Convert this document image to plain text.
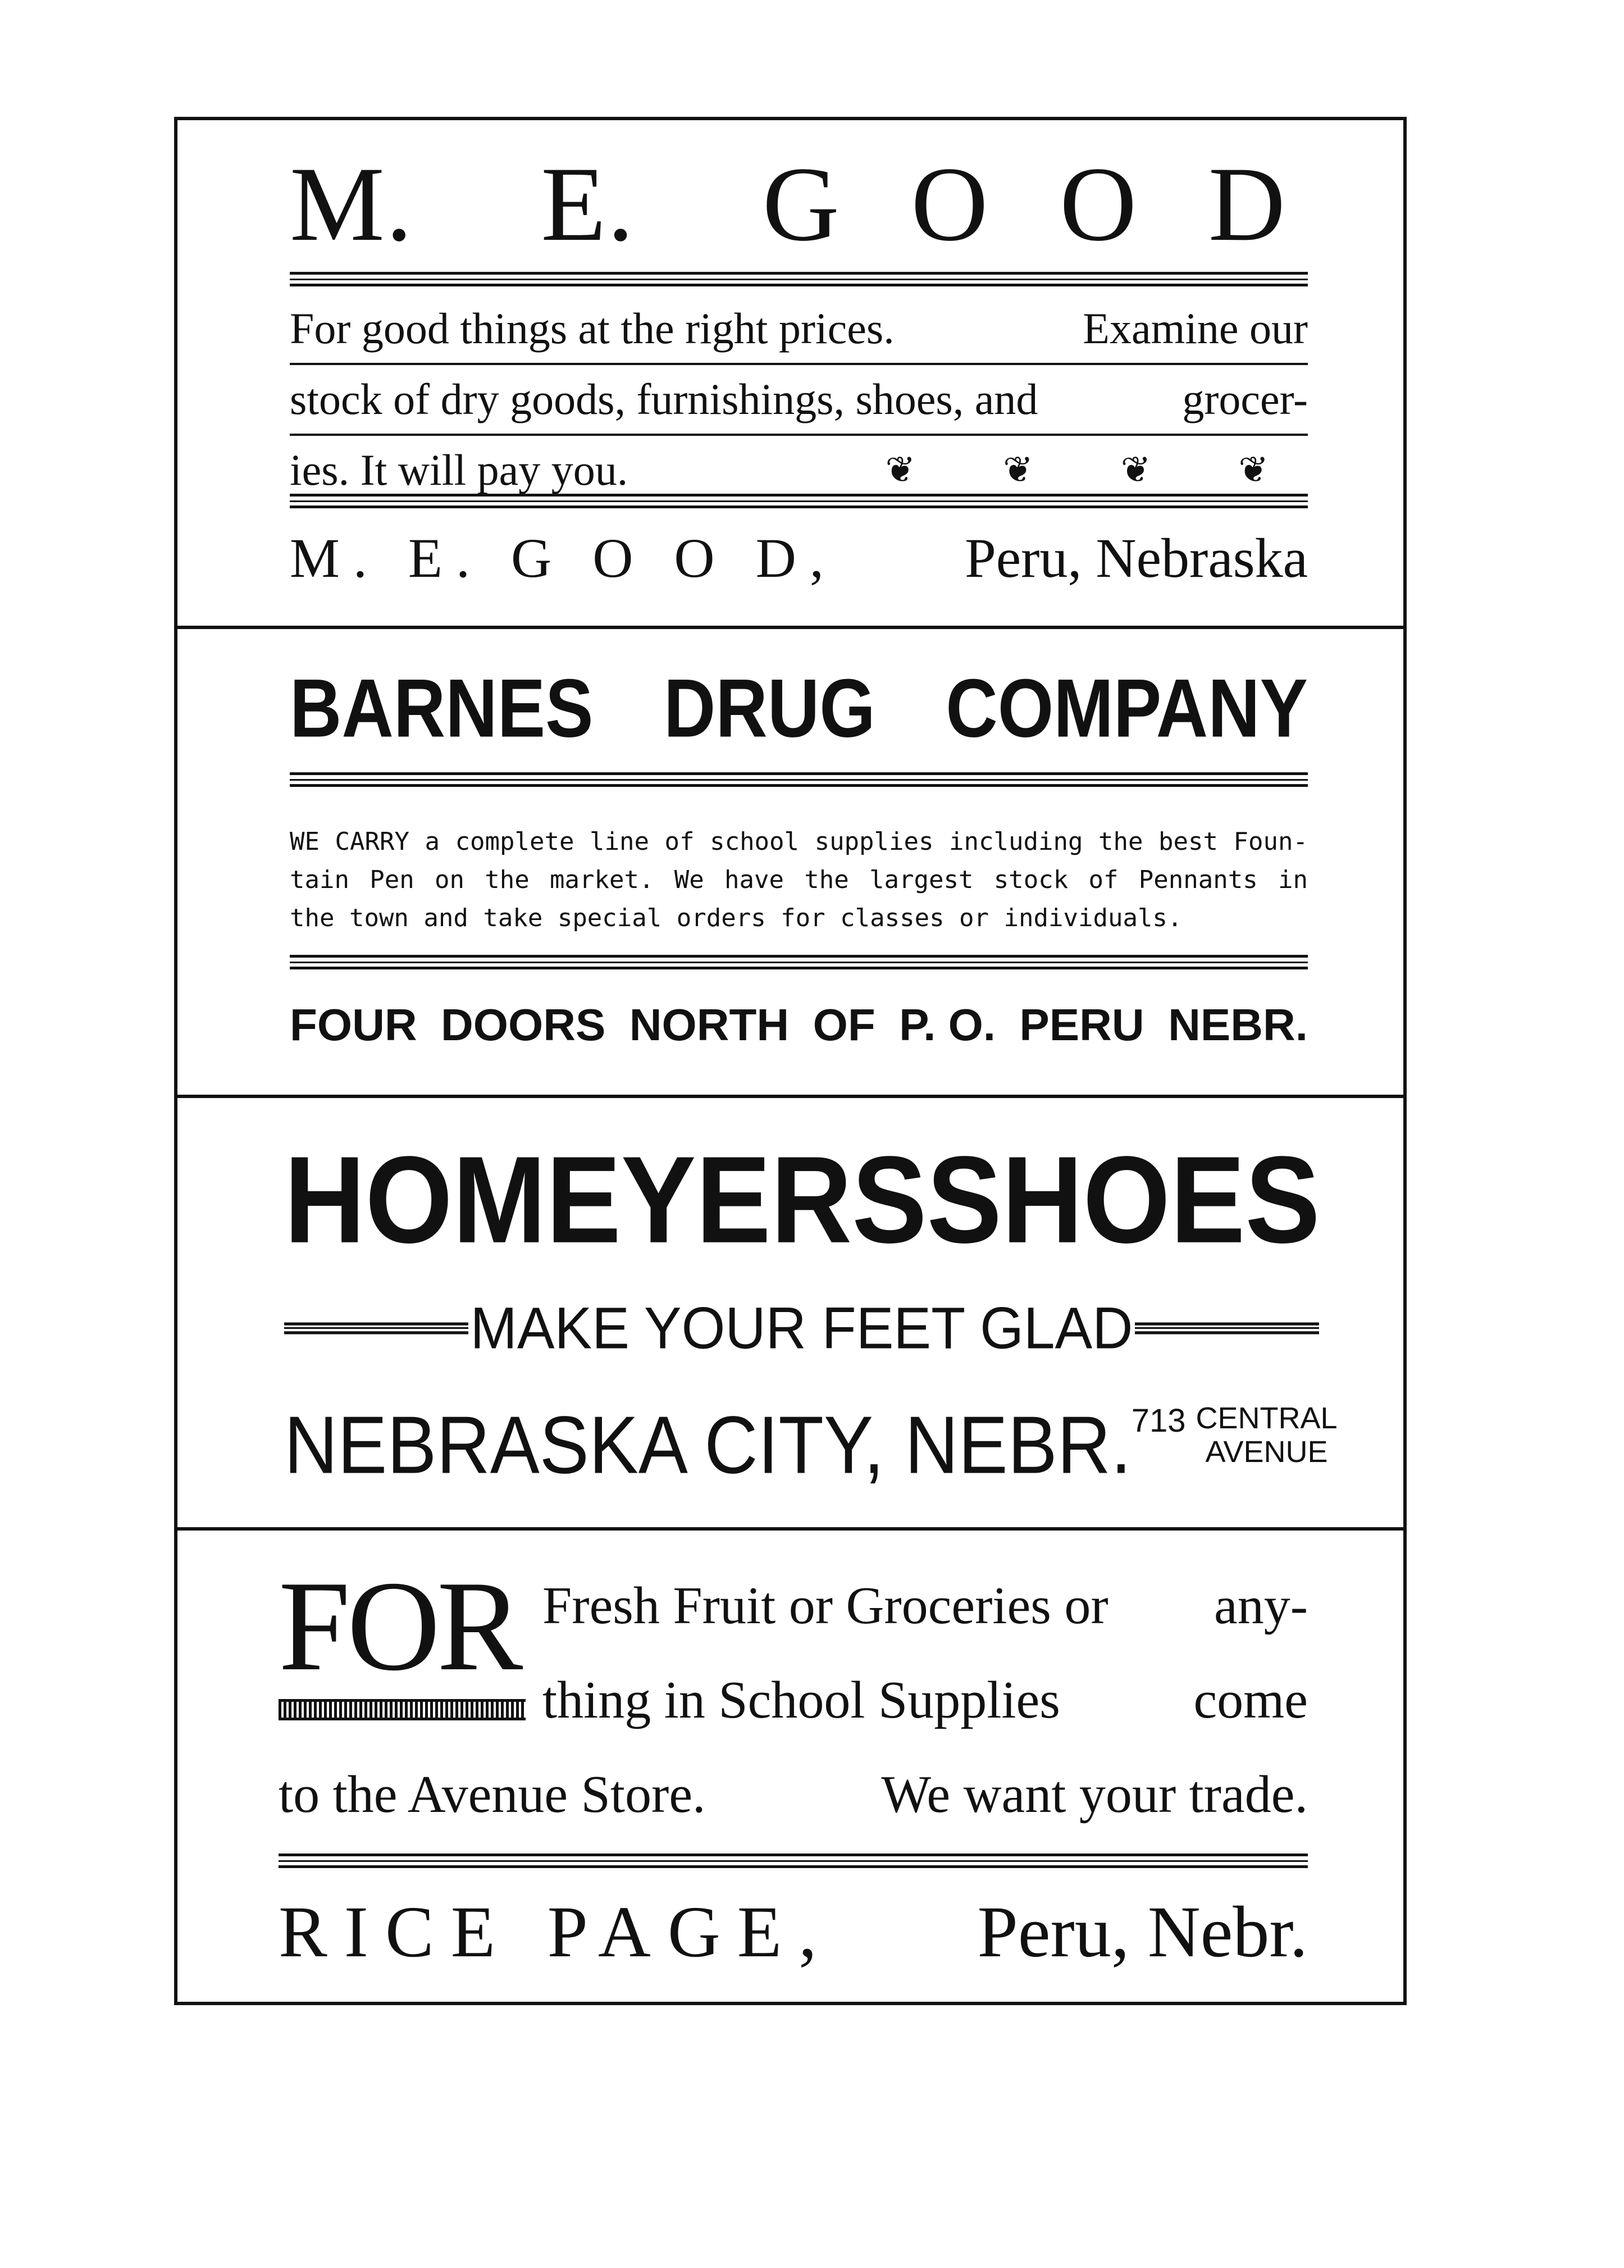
M. E. G O O D
For good things at the right prices.	Examine our
stock of dry goods, furnishings, shoes, and	grocer-
ies. It will pay you.	❦ ❦ ❦ ❦
M. E. G O O D, Peru, Nebraska
BARNES DRUG COMPANY
WE CARRY a complete line of school supplies including the best Foun-
tain Pen on the market. We have the largest stock of Pennants in
the town and take special orders for classes or individuals.
FOUR DOORS NORTH OF P. O. PERU NEBR.
HOMEYERS SHOES
MAKE YOUR FEET GLAD
NEBRASKA CITY, NEBR. 713 CENTRAL
AVENUE
FOR Fresh Fruit or Groceries or any-
thing in School Supplies	come
to the Avenue Store.	We want your trade.
RICE PAGE, Peru, Nebr.
